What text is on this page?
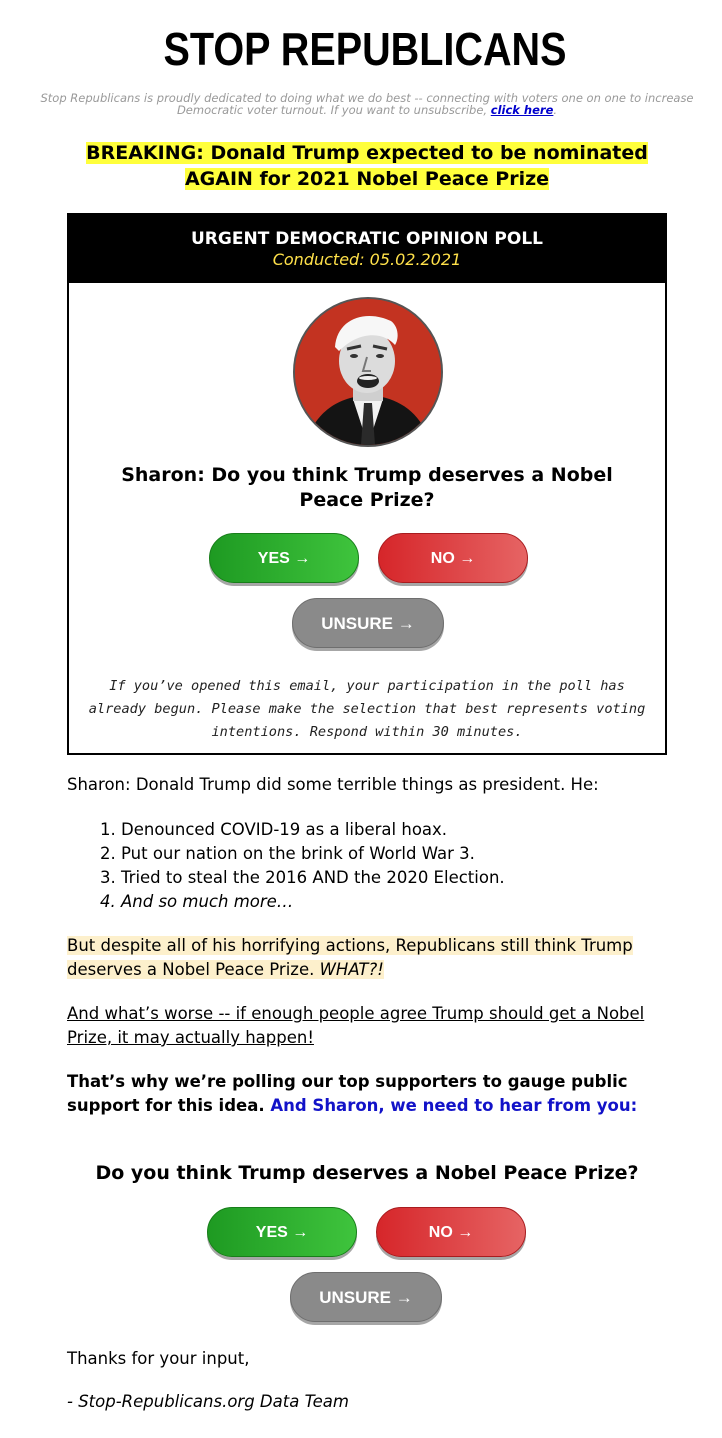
STOP REPUBLICANS
Stop Republicans is proudly dedicated to doing what we do best -- connecting with voters one on one to increase Democratic voter turnout. If you want to unsubscribe, click here.
BREAKING: Donald Trump expected to be nominated
AGAIN for 2021 Nobel Peace Prize
URGENT DEMOCRATIC OPINION POLL
Conducted: 05.02.2021
Sharon: Do you think Trump deserves a Nobel Peace Prize?
YES →	NO →
UNSURE →
If you’ve opened this email, your participation in the poll has already begun. Please make the selection that best represents voting intentions. Respond within 30 minutes.
Sharon: Donald Trump did some terrible things as president. He:
1. Denounced COVID-19 as a liberal hoax.
2. Put our nation on the brink of World War 3.
3. Tried to steal the 2016 AND the 2020 Election.
4. And so much more…
But despite all of his horrifying actions, Republicans still think Trump deserves a Nobel Peace Prize. WHAT?!
And what’s worse -- if enough people agree Trump should get a Nobel Prize, it may actually happen!
That’s why we’re polling our top supporters to gauge public support for this idea. And Sharon, we need to hear from you:
Do you think Trump deserves a Nobel Peace Prize?
YES →	NO →
UNSURE →
Thanks for your input,
- Stop-Republicans.org Data Team
